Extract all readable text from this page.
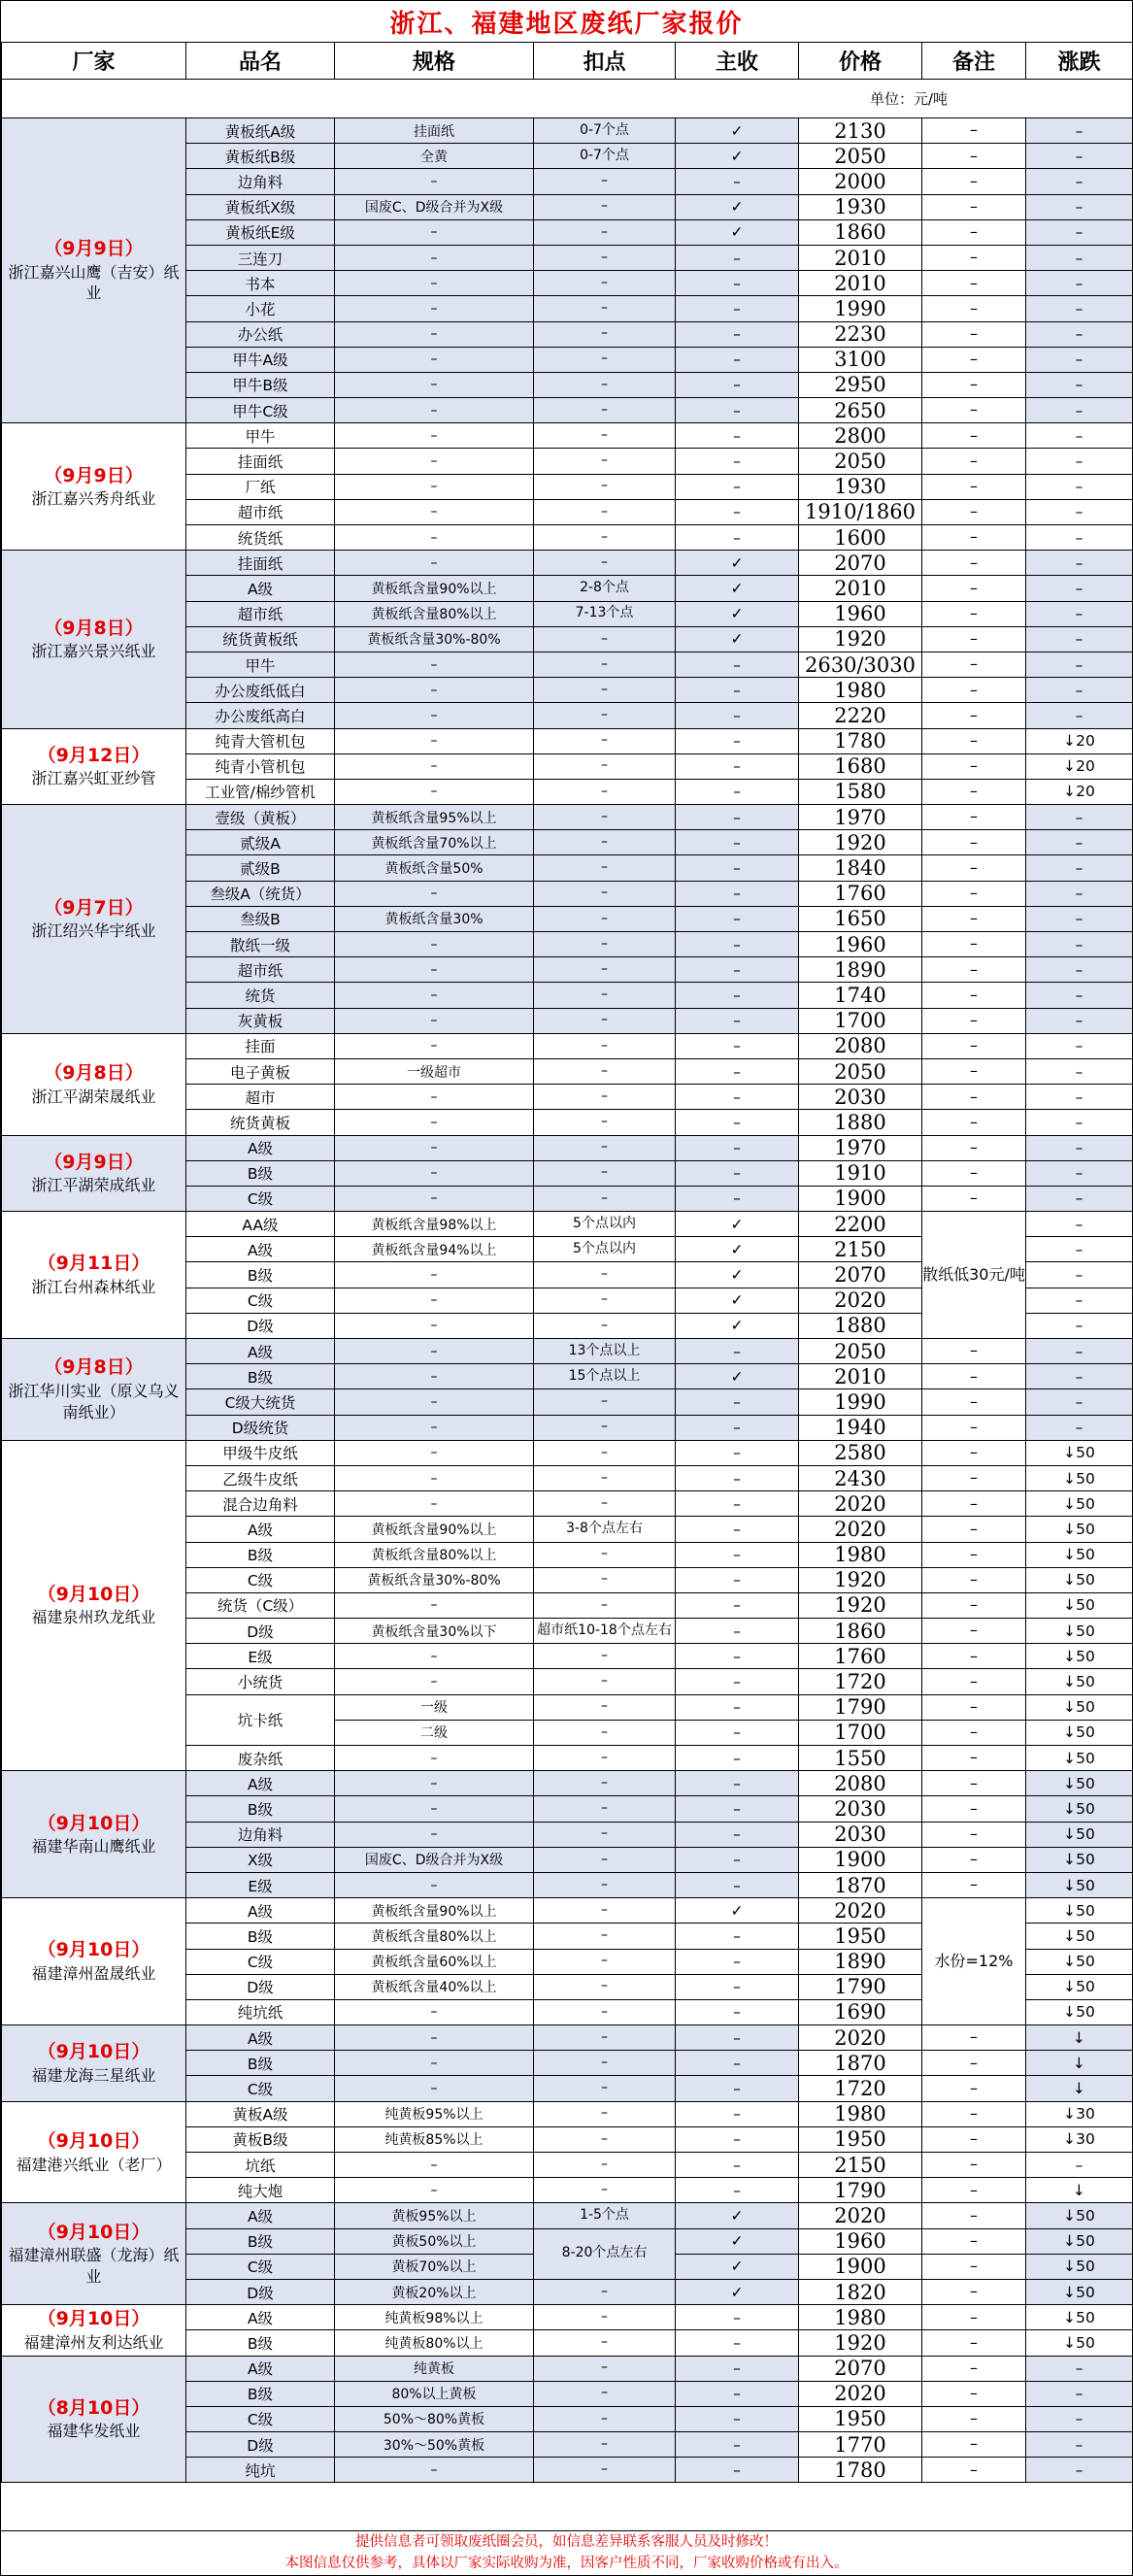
浙江、福建地区废纸厂家报价
厂家	品名	规格	扣点	主收	价格	备注	涨跌
单位：元/吨							

（9月9日）
浙江嘉兴山鹰（吉安）纸业	黄板纸A级	挂面纸	0-7个点	✓	2130	–	–
	黄板纸B级	全黄	0-7个点	✓	2050	–	–
	边角料	–	–	–	2000	–	–
	黄板纸X级	国废C、D级合并为X级	–	✓	1930	–	–
	黄板纸E级	–	–	✓	1860	–	–
	三连刀	–	–	–	2010	–	–
	书本	–	–	–	2010	–	–
	小花	–	–	–	1990	–	–
	办公纸	–	–	–	2230	–	–
	甲牛A级	–	–	–	3100	–	–
	甲牛B级	–	–	–	2950	–	–
	甲牛C级	–	–	–	2650	–	–

（9月9日）
浙江嘉兴秀舟纸业	甲牛	–	–	–	2800	–	–
	挂面纸	–	–	–	2050	–	–
	厂纸	–	–	–	1930	–	–
	超市纸	–	–	–	1910/1860	–	–
	统货纸	–	–	–	1600	–	–

（9月8日）
浙江嘉兴景兴纸业	挂面纸	–	–	✓	2070	–	–
	A级	黄板纸含量90%以上	2-8个点	✓	2010	–	–
	超市纸	黄板纸含量80%以上	7-13个点	✓	1960	–	–
	统货黄板纸	黄板纸含量30%-80%	–	✓	1920	–	–
	甲牛	–	–	–	2630/3030	–	–
	办公废纸低白	–	–	–	1980	–	–
	办公废纸高白	–	–	–	2220	–	–

（9月12日）
浙江嘉兴虹亚纱管	纯青大管机包	–	–	–	1780	–	↓20
	纯青小管机包	–	–	–	1680	–	↓20
	工业管/棉纱管机	–	–	–	1580	–	↓20

（9月7日）
浙江绍兴华宇纸业	壹级（黄板）	黄板纸含量95%以上	–	–	1970	–	–
	贰级A	黄板纸含量70%以上	–	–	1920	–	–
	贰级B	黄板纸含量50%	–	–	1840	–	–
	叁级A（统货）	–	–	–	1760	–	–
	叁级B	黄板纸含量30%	–	–	1650	–	–
	散纸一级	–	–	–	1960	–	–
	超市纸	–	–	–	1890	–	–
	统货	–	–	–	1740	–	–
	灰黄板	–	–	–	1700	–	–

（9月8日）
浙江平湖荣晟纸业	挂面	–	–	–	2080	–	–
	电子黄板	一级超市	–	–	2050	–	–
	超市	–	–	–	2030	–	–
	统货黄板	–	–	–	1880	–	–

（9月9日）
浙江平湖荣成纸业	A级	–	–	–	1970	–	–
	B级	–	–	–	1910	–	–
	C级	–	–	–	1900	–	–

（9月11日）
浙江台州森林纸业	AA级	黄板纸含量98%以上	5个点以内	✓	2200	散纸低30元/吨	–
	A级	黄板纸含量94%以上	5个点以内	✓	2150		–
	B级	–	–	✓	2070		–
	C级	–	–	✓	2020		–
	D级	–	–	✓	1880		–

（9月8日）
浙江华川实业（原义乌义南纸业）	A级	–	13个点以上	–	2050	–	–
	B级	–	15个点以上	✓	2010	–	–
	C级大统货	–	–	–	1990	–	–
	D级统货	–	–	–	1940	–	–

（9月10日）
福建泉州玖龙纸业	甲级牛皮纸	–	–	–	2580	–	↓50
	乙级牛皮纸	–	–	–	2430	–	↓50
	混合边角料	–	–	–	2020	–	↓50
	A级	黄板纸含量90%以上	3-8个点左右	–	2020	–	↓50
	B级	黄板纸含量80%以上	–	–	1980	–	↓50
	C级	黄板纸含量30%-80%	–	–	1920	–	↓50
	统货（C级）	–	–	–	1920	–	↓50
	D级	黄板纸含量30%以下	超市纸10-18个点左右	–	1860	–	↓50
	E级	–	–	–	1760	–	↓50
	小统货	–	–	–	1720	–	↓50
	坑卡纸	一级	–	–	1790	–	↓50
		二级	–	–	1700	–	↓50
	废杂纸	–	–	–	1550	–	↓50

（9月10日）
福建华南山鹰纸业	A级	–	–	–	2080	–	↓50
	B级	–	–	–	2030	–	↓50
	边角料	–	–	–	2030	–	↓50
	X级	国废C、D级合并为X级	–	–	1900	–	↓50
	E级	–	–	–	1870	–	↓50

（9月10日）
福建漳州盈晟纸业	A级	黄板纸含量90%以上	–	✓	2020	水份=12%	↓50
	B级	黄板纸含量80%以上	–	–	1950		↓50
	C级	黄板纸含量60%以上	–	–	1890		↓50
	D级	黄板纸含量40%以上	–	–	1790		↓50
	纯坑纸	–	–	–	1690		↓50

（9月10日）
福建龙海三星纸业	A级	–	–	–	2020	–	↓
	B级	–	–	–	1870	–	↓
	C级	–	–	–	1720	–	↓

（9月10日）
福建港兴纸业（老厂）	黄板A级	纯黄板95%以上	–	–	1980	–	↓30
	黄板B级	纯黄板85%以上	–	–	1950	–	↓30
	坑纸	–	–	–	2150	–	–
	纯大炮	–	–	–	1790	–	↓

（9月10日）
福建漳州联盛（龙海）纸业	A级	黄板95%以上	1-5个点	✓	2020	–	↓50
	B级	黄板50%以上	8-20个点左右	✓	1960	–	↓50
	C级	黄板70%以上		✓	1900	–	↓50
	D级	黄板20%以上	–	✓	1820	–	↓50

（9月10日）
福建漳州友利达纸业	A级	纯黄板98%以上	–	–	1980	–	↓50
	B级	纯黄板80%以上	–	–	1920	–	↓50

（8月10日）
福建华发纸业	A级	纯黄板	–	–	2070	–	–
	B级	80%以上黄板	–	–	2020	–	–
	C级	50%～80%黄板	–	–	1950	–	–
	D级	30%～50%黄板	–	–	1770	–	–
	纯坑	–	–	–	1780	–	–
提供信息者可领取废纸圈会员，如信息差异联系客服人员及时修改！
本图信息仅供参考，具体以厂家实际收购为准，因客户性质不同，厂家收购价格或有出入。
